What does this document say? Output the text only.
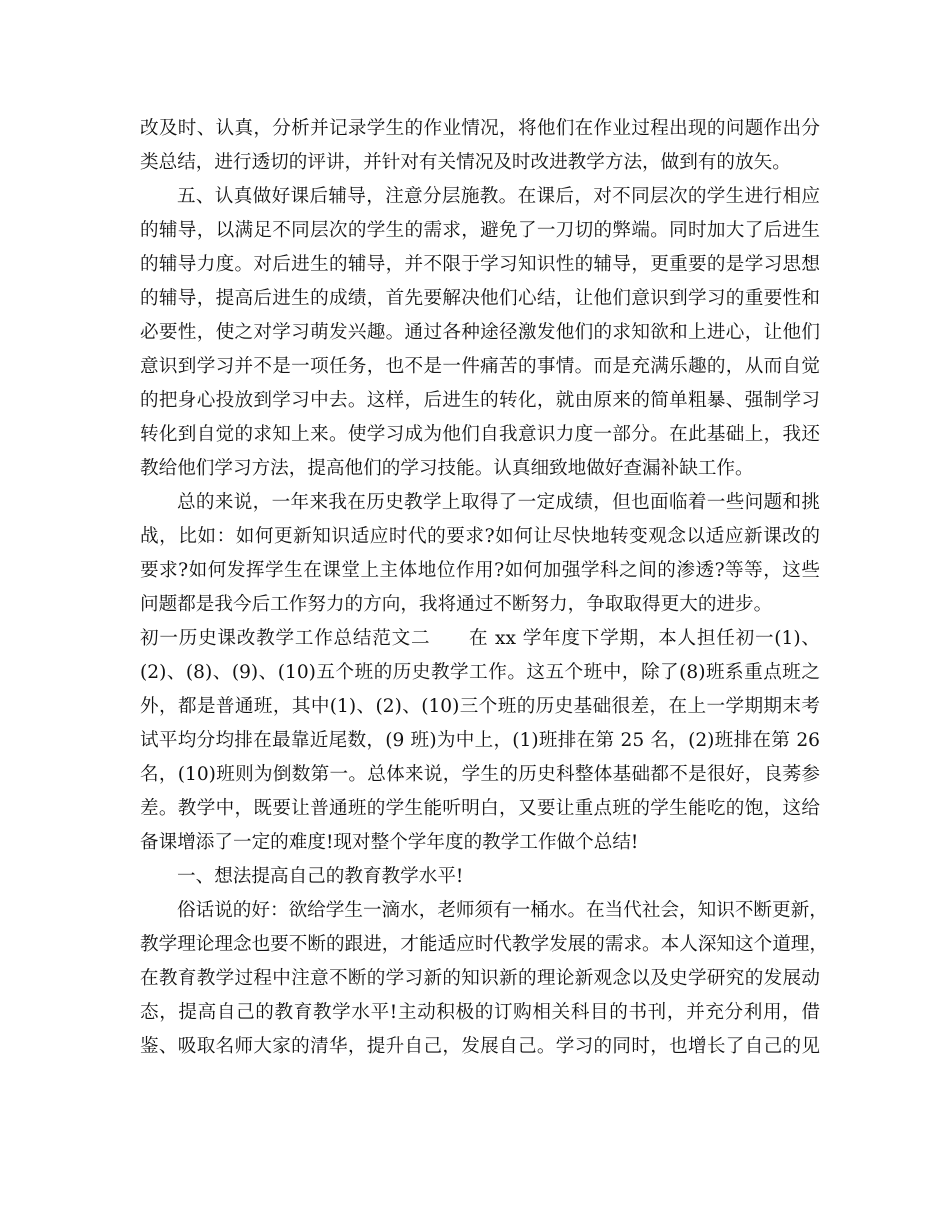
改及时、认真，分析并记录学生的作业情况，将他们在作业过程出现的问题作出分
类总结，进行透切的评讲，并针对有关情况及时改进教学方法，做到有的放矢。
五、认真做好课后辅导，注意分层施教。在课后，对不同层次的学生进行相应
的辅导，以满足不同层次的学生的需求，避免了一刀切的弊端。同时加大了后进生
的辅导力度。对后进生的辅导，并不限于学习知识性的辅导，更重要的是学习思想
的辅导，提高后进生的成绩，首先要解决他们心结，让他们意识到学习的重要性和
必要性，使之对学习萌发兴趣。通过各种途径激发他们的求知欲和上进心，让他们
意识到学习并不是一项任务，也不是一件痛苦的事情。而是充满乐趣的，从而自觉
的把身心投放到学习中去。这样，后进生的转化，就由原来的简单粗暴、强制学习
转化到自觉的求知上来。使学习成为他们自我意识力度一部分。在此基础上，我还
教给他们学习方法，提高他们的学习技能。认真细致地做好查漏补缺工作。
总的来说，一年来我在历史教学上取得了一定成绩，但也面临着一些问题和挑
战，比如：如何更新知识适应时代的要求?如何让尽快地转变观念以适应新课改的
要求?如何发挥学生在课堂上主体地位作用?如何加强学科之间的渗透?等等，这些
问题都是我今后工作努力的方向，我将通过不断努力，争取取得更大的进步。
初一历史课改教学工作总结范文二　　在 xx 学年度下学期，本人担任初一(1)、
(2)、(8)、(9)、(10)五个班的历史教学工作。这五个班中，除了(8)班系重点班之
外，都是普通班，其中(1)、(2)、(10)三个班的历史基础很差，在上一学期期末考
试平均分均排在最靠近尾数，(9 班)为中上，(1)班排在第 25 名，(2)班排在第 26
名，(10)班则为倒数第一。总体来说，学生的历史科整体基础都不是很好，良莠参
差。教学中，既要让普通班的学生能听明白，又要让重点班的学生能吃的饱，这给
备课增添了一定的难度!现对整个学年度的教学工作做个总结!
一、想法提高自己的教育教学水平!
俗话说的好：欲给学生一滴水，老师须有一桶水。在当代社会，知识不断更新，
教学理论理念也要不断的跟进，才能适应时代教学发展的需求。本人深知这个道理，
在教育教学过程中注意不断的学习新的知识新的理论新观念以及史学研究的发展动
态，提高自己的教育教学水平!主动积极的订购相关科目的书刊，并充分利用，借
鉴、吸取名师大家的清华，提升自己，发展自己。学习的同时，也增长了自己的见
